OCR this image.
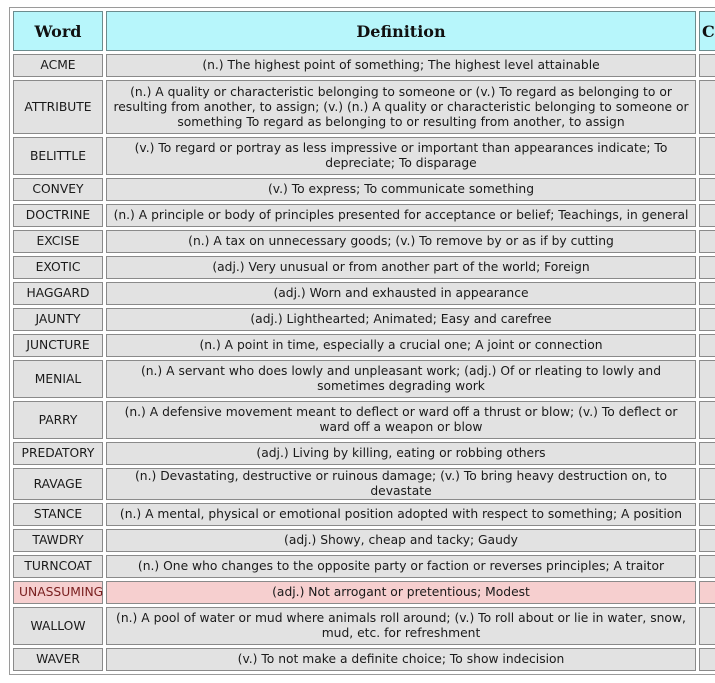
Word	Definition	C
ACME	(n.) The highest point of something; The highest level attainable	
ATTRIBUTE	(n.) A quality or characteristic belonging to someone or (v.) To regard as belonging to or resulting from another, to assign; (v.) (n.) A quality or characteristic belonging to someone or something To regard as belonging to or resulting from another, to assign	
BELITTLE	(v.) To regard or portray as less impressive or important than appearances indicate; To depreciate; To disparage	
CONVEY	(v.) To express; To communicate something	
DOCTRINE	(n.) A principle or body of principles presented for acceptance or belief; Teachings, in general	
EXCISE	(n.) A tax on unnecessary goods; (v.) To remove by or as if by cutting	
EXOTIC	(adj.) Very unusual or from another part of the world; Foreign	
HAGGARD	(adj.) Worn and exhausted in appearance	
JAUNTY	(adj.) Lighthearted; Animated; Easy and carefree	
JUNCTURE	(n.) A point in time, especially a crucial one; A joint or connection	
MENIAL	(n.) A servant who does lowly and unpleasant work; (adj.) Of or rleating to lowly and sometimes degrading work	
PARRY	(n.) A defensive movement meant to deflect or ward off a thrust or blow; (v.) To deflect or ward off a weapon or blow	
PREDATORY	(adj.) Living by killing, eating or robbing others	
RAVAGE	(n.) Devastating, destructive or ruinous damage; (v.) To bring heavy destruction on, to devastate	
STANCE	(n.) A mental, physical or emotional position adopted with respect to something; A position	
TAWDRY	(adj.) Showy, cheap and tacky; Gaudy	
TURNCOAT	(n.) One who changes to the opposite party or faction or reverses principles; A traitor	
UNASSUMING	(adj.) Not arrogant or pretentious; Modest	
WALLOW	(n.) A pool of water or mud where animals roll around; (v.) To roll about or lie in water, snow, mud, etc. for refreshment	
WAVER	(v.) To not make a definite choice; To show indecision	
